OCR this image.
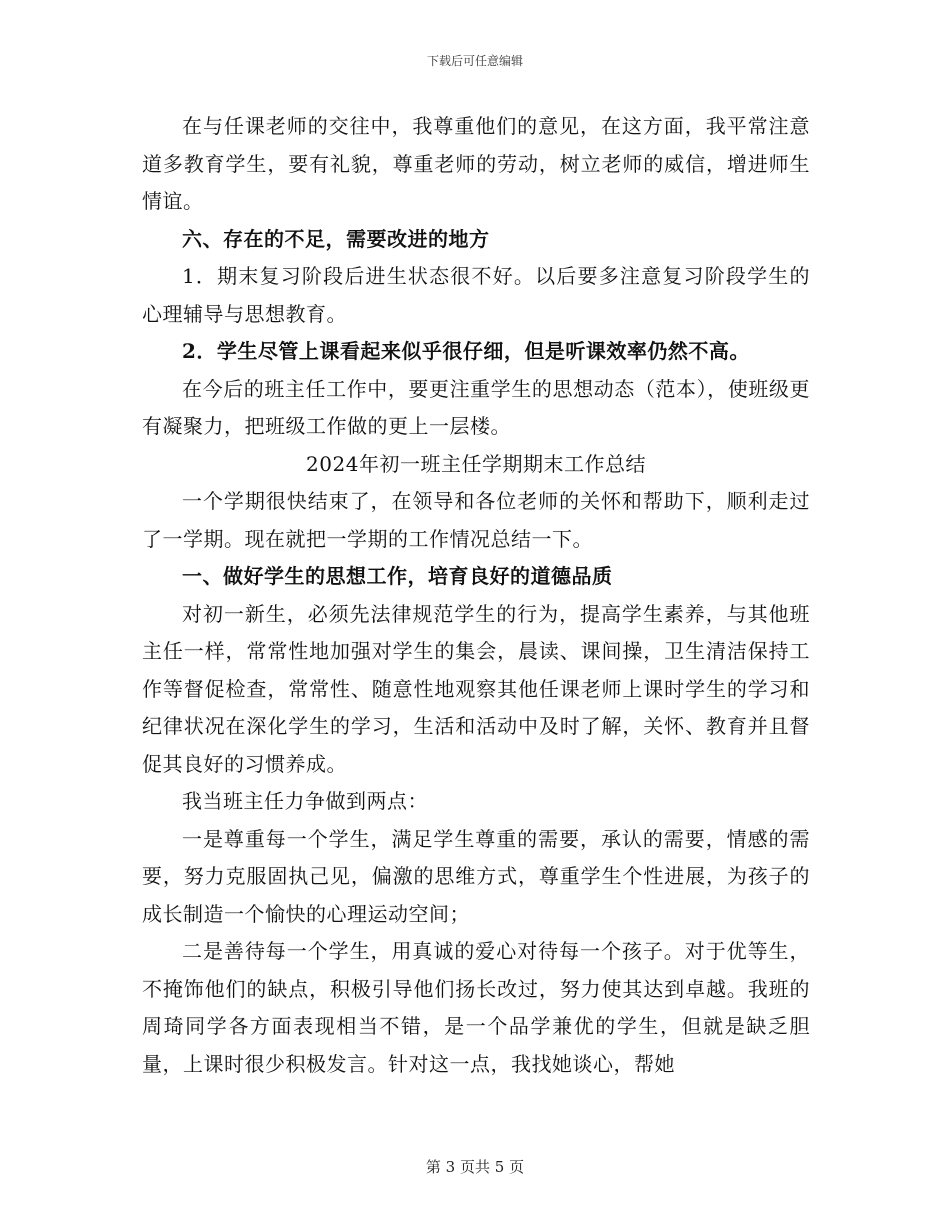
下载后可任意编辑

在与任课老师的交往中，我尊重他们的意见，在这方面，我平常注意道多教育学生，要有礼貌，尊重老师的劳动，树立老师的威信，增进师生情谊。

六、存在的不足，需要改进的地方

1．期末复习阶段后进生状态很不好。以后要多注意复习阶段学生的心理辅导与思想教育。

2．学生尽管上课看起来似乎很仔细，但是听课效率仍然不高。

在今后的班主任工作中，要更注重学生的思想动态（范本），使班级更有凝聚力，把班级工作做的更上一层楼。

2024年初一班主任学期期末工作总结

一个学期很快结束了，在领导和各位老师的关怀和帮助下，顺利走过了一学期。现在就把一学期的工作情况总结一下。

一、做好学生的思想工作，培育良好的道德品质

对初一新生，必须先法律规范学生的行为，提高学生素养，与其他班主任一样，常常性地加强对学生的集会，晨读、课间操，卫生清洁保持工作等督促检查，常常性、随意性地观察其他任课老师上课时学生的学习和纪律状况在深化学生的学习，生活和活动中及时了解，关怀、教育并且督促其良好的习惯养成。

我当班主任力争做到两点：

一是尊重每一个学生，满足学生尊重的需要，承认的需要，情感的需要，努力克服固执己见，偏激的思维方式，尊重学生个性进展，为孩子的成长制造一个愉快的心理运动空间；

二是善待每一个学生，用真诚的爱心对待每一个孩子。对于优等生，不掩饰他们的缺点，积极引导他们扬长改过，努力使其达到卓越。我班的周琦同学各方面表现相当不错，是一个品学兼优的学生，但就是缺乏胆量，上课时很少积极发言。针对这一点，我找她谈心，帮她

第 3 页共 5 页
